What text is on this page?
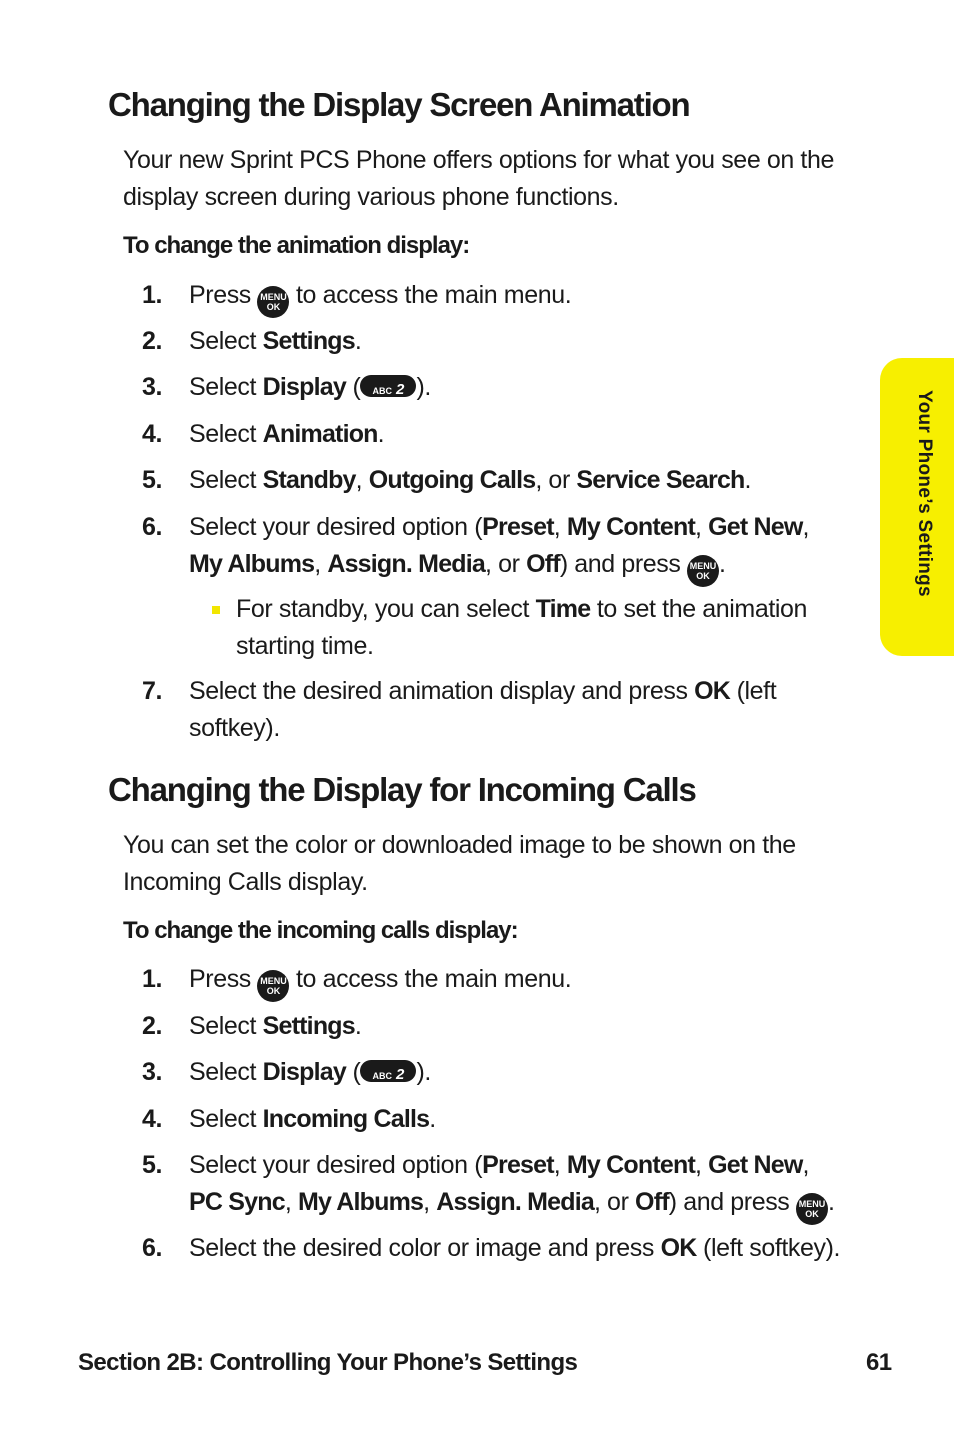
Changing the Display Screen Animation

Your new Sprint PCS Phone offers options for what you see on the display screen during various phone functions.

To change the animation display:

1. Press MENU
OK to access the main menu.
2. Select Settings.
3. Select Display ( ABC 2 ).
4. Select Animation.
5. Select Standby, Outgoing Calls, or Service Search.
6. Select your desired option (Preset, My Content, Get New,
My Albums, Assign. Media, or Off) and press MENU
OK .
For standby, you can select Time to set the animation starting time.
7. Select the desired animation display and press OK (left softkey).
Changing the Display for Incoming Calls

You can set the color or downloaded image to be shown on the Incoming Calls display.

To change the incoming calls display:

1. Press MENU
OK to access the main menu.
2. Select Settings.
3. Select Display ( ABC 2 ).
4. Select Incoming Calls.
5. Select your desired option (Preset, My Content, Get New,
PC Sync, My Albums, Assign. Media, or Off) and press MENU
OK .
6. Select the desired color or image and press OK (left softkey).
Your Phone’s Settings

Section 2B: Controlling Your Phone’s Settings	61
